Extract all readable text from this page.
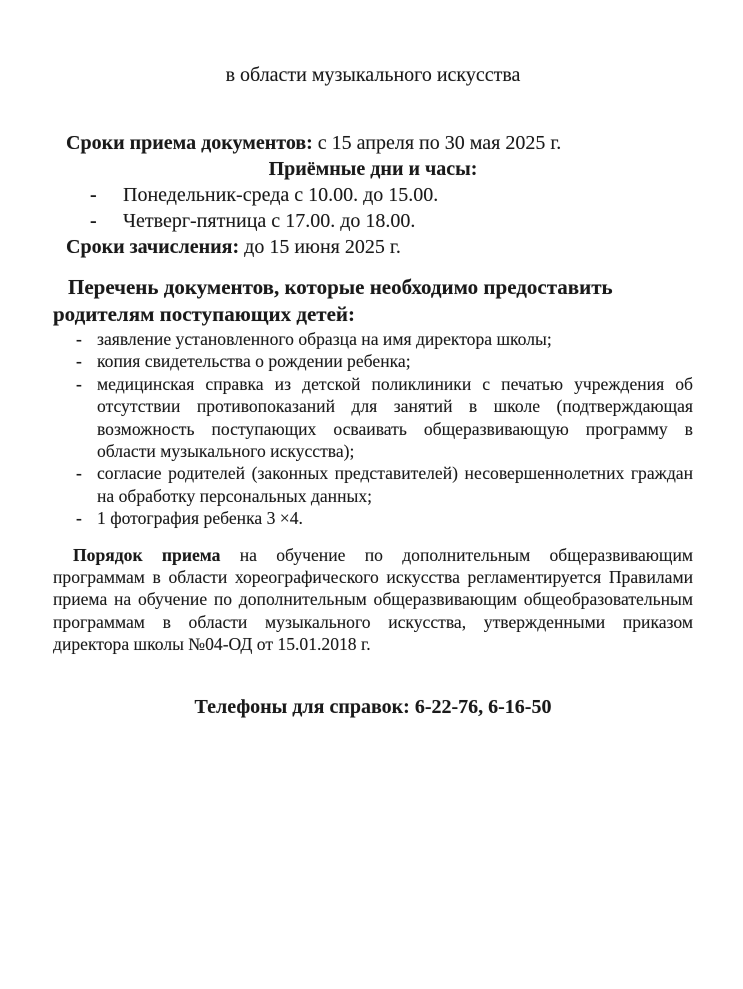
в области музыкального искусства

Сроки приема документов: с 15 апреля по 30 мая 2025 г.

Приёмные дни и часы:

- Понедельник-среда с 10.00. до 15.00.
- Четверг-пятница с 17.00. до 18.00.

Сроки зачисления: до 15 июня 2025 г.

Перечень документов, которые необходимо предоставить родителям поступающих детей:

- заявление установленного образца на имя директора школы;
- копия свидетельства о рождении ребенка;
- медицинская справка из детской поликлиники с печатью учреждения об отсутствии противопоказаний для занятий в школе (подтверждающая возможность поступающих осваивать общеразвивающую программу в области музыкального искусства);
- согласие родителей (законных представителей) несовершеннолетних граждан на обработку персональных данных;
- 1 фотография ребенка 3 ×4.

Порядок приема на обучение по дополнительным общеразвивающим программам в области хореографического искусства регламентируется Правилами приема на обучение по дополнительным общеразвивающим общеобразовательным программам в области музыкального искусства, утвержденными приказом директора школы №04-ОД от 15.01.2018 г.

Телефоны для справок: 6-22-76, 6-16-50
